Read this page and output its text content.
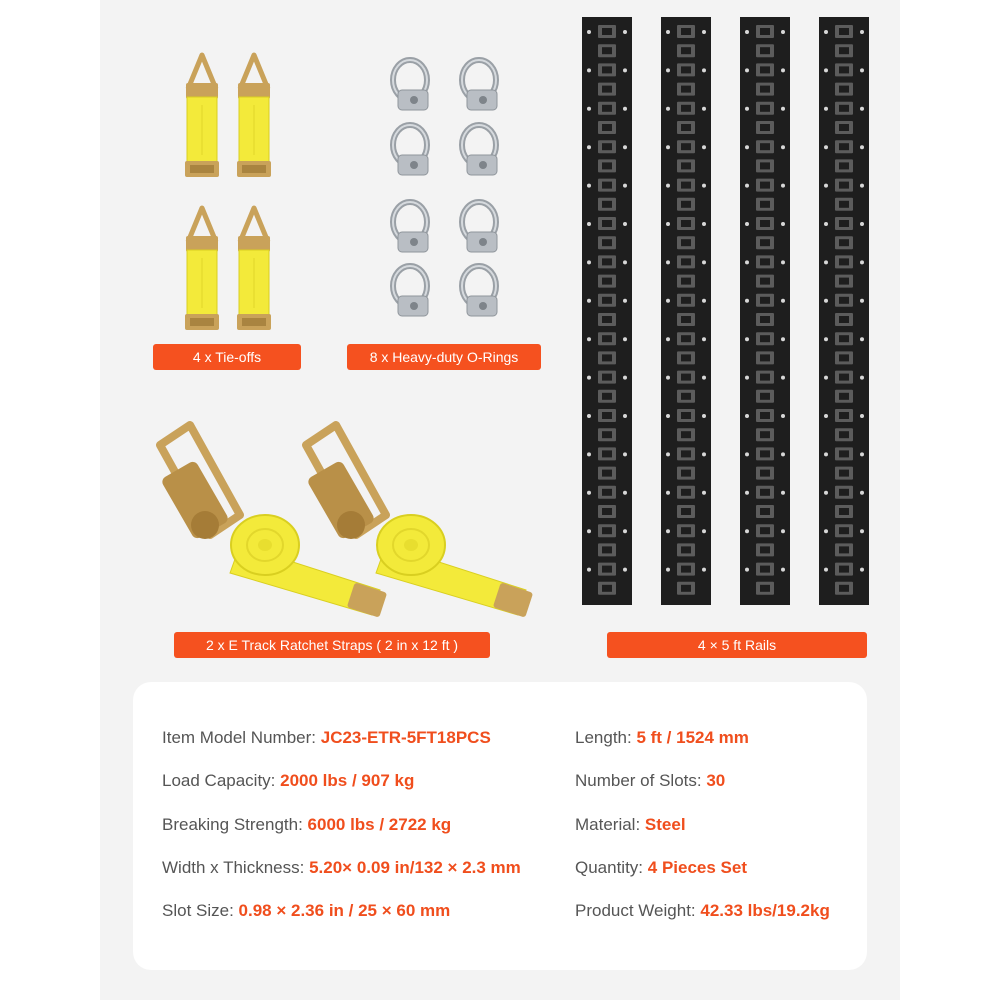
4 x Tie-offs	8 x Heavy-duty O-Rings
4 × 5 ft Rails
2 x E Track Ratchet Straps ( 2 in x 12 ft )
Item Model Number: JC23-ETR-5FT18PCS
Load Capacity: 2000 lbs / 907 kg
Breaking Strength: 6000 lbs / 2722 kg
Width x Thickness: 5.20× 0.09 in/132 × 2.3 mm
Slot Size: 0.98 × 2.36 in / 25 × 60 mm
Length: 5 ft / 1524 mm
Number of Slots: 30
Material: Steel
Quantity: 4 Pieces Set
Product Weight: 42.33 lbs/19.2kg
